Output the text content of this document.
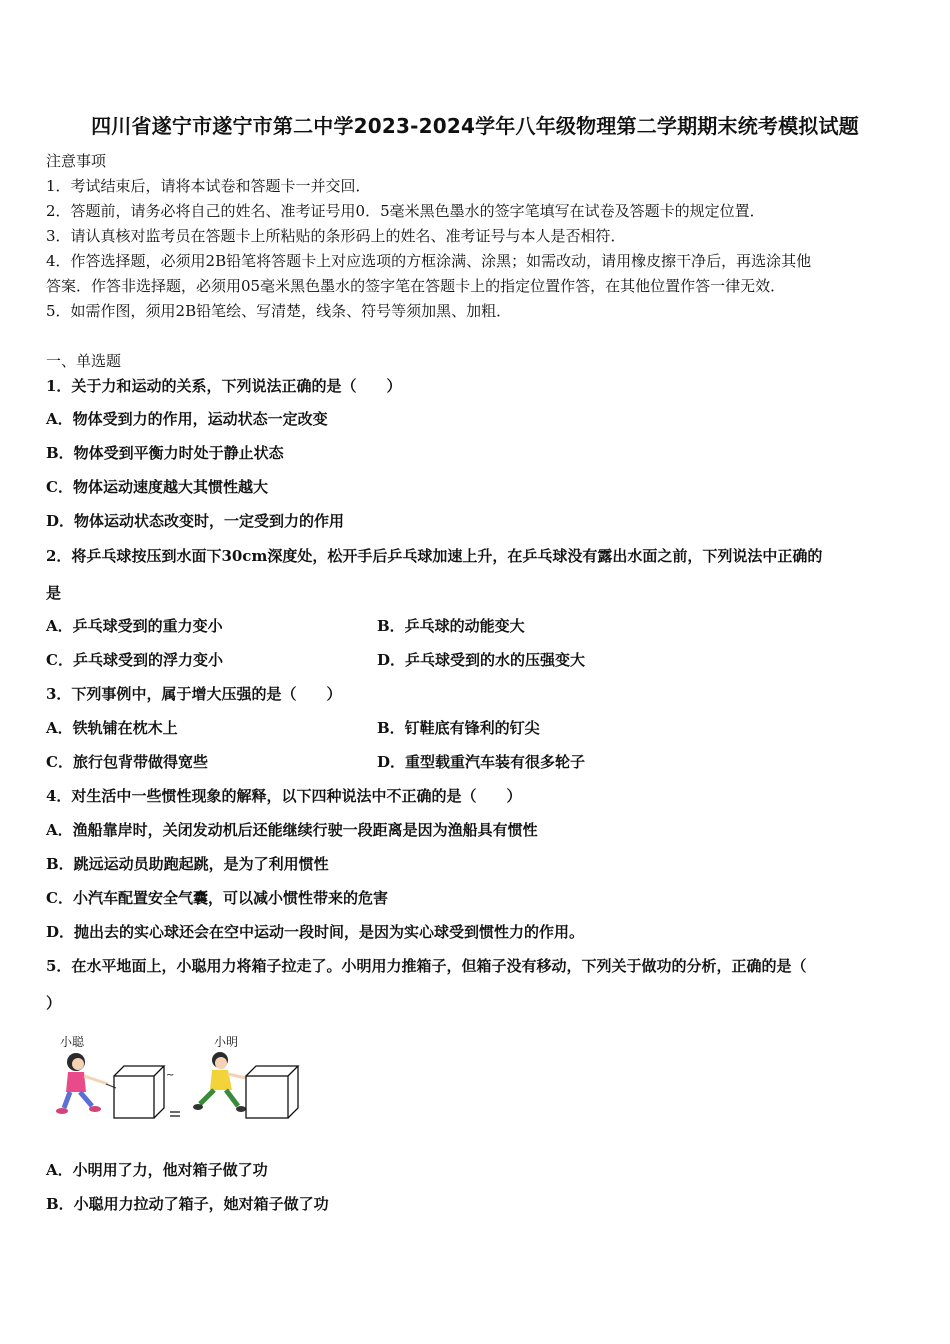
四川省遂宁市遂宁市第二中学2023-2024学年八年级物理第二学期期末统考模拟试题
注意事项
1．考试结束后，请将本试卷和答题卡一并交回．
2．答题前，请务必将自己的姓名、准考证号用0．5毫米黑色墨水的签字笔填写在试卷及答题卡的规定位置．
3．请认真核对监考员在答题卡上所粘贴的条形码上的姓名、准考证号与本人是否相符．
4．作答选择题，必须用2B铅笔将答题卡上对应选项的方框涂满、涂黑；如需改动，请用橡皮擦干净后，再选涂其他
答案．作答非选择题，必须用05毫米黑色墨水的签字笔在答题卡上的指定位置作答，在其他位置作答一律无效．
5．如需作图，须用2B铅笔绘、写清楚，线条、符号等须加黑、加粗．
一、单选题
1．关于力和运动的关系，下列说法正确的是（　　）
A．物体受到力的作用，运动状态一定改变
B．物体受到平衡力时处于静止状态
C．物体运动速度越大其惯性越大
D．物体运动状态改变时，一定受到力的作用
2．将乒乓球按压到水面下30cm深度处，松开手后乒乓球加速上升，在乒乓球没有露出水面之前，下列说法中正确的
是
A．乒乓球受到的重力变小	B．乒乓球的动能变大
C．乒乓球受到的浮力变小	D．乒乓球受到的水的压强变大
3．下列事例中，属于增大压强的是（　　）
A．铁轨铺在枕木上	B．钉鞋底有锋利的钉尖
C．旅行包背带做得宽些	D．重型载重汽车装有很多轮子
4．对生活中一些惯性现象的解释，以下四种说法中不正确的是（　　）
A．渔船靠岸时，关闭发动机后还能继续行驶一段距离是因为渔船具有惯性
B．跳远运动员助跑起跳，是为了利用惯性
C．小汽车配置安全气囊，可以减小惯性带来的危害
D．抛出去的实心球还会在空中运动一段时间，是因为实心球受到惯性力的作用。
5．在水平地面上，小聪用力将箱子拉走了。小明用力推箱子，但箱子没有移动，下列关于做功的分析，正确的是（
）
小聪	小明
~
A．小明用了力，他对箱子做了功
B．小聪用力拉动了箱子，她对箱子做了功
